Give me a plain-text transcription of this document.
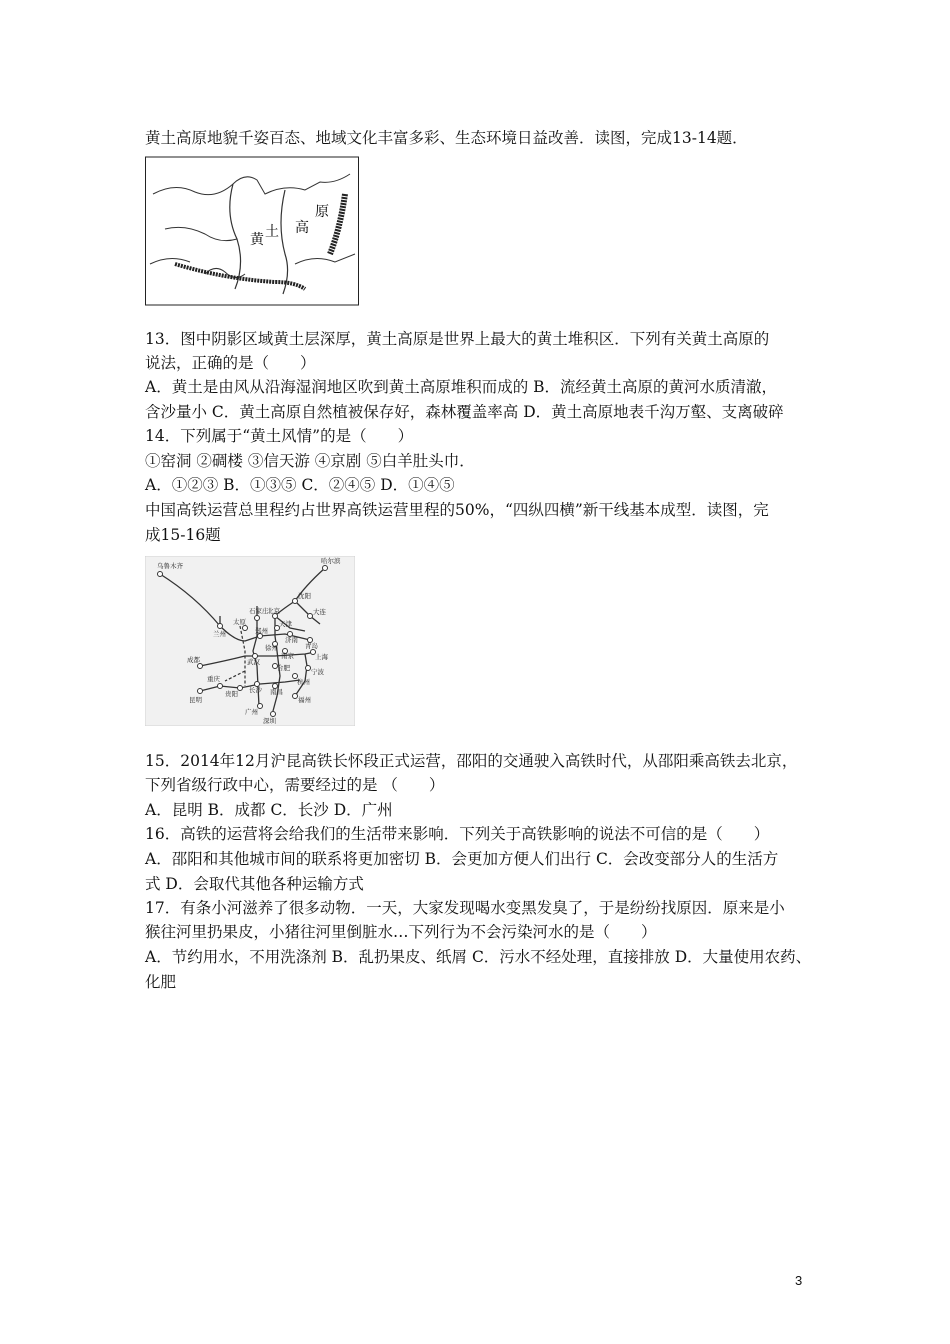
黄土高原地貌千姿百态、地域文化丰富多彩、生态环境日益改善．读图，完成13-14题．
黄 土 高
原
13．图中阴影区域黄土层深厚，黄土高原是世界上最大的黄土堆积区．下列有关黄土高原的
说法，正确的是（　　）
A．黄土是由风从沿海湿润地区吹到黄土高原堆积而成的 B．流经黄土高原的黄河水质清澈，
含沙量小 C．黄土高原自然植被保存好，森林覆盖率高 D．黄土高原地表千沟万壑、支离破碎
14．下列属于“黄土风情”的是（　　）
①窑洞 ②碉楼 ③信天游 ④京剧 ⑤白羊肚头巾．
A．①②③ B．①③⑤ C．②④⑤ D．①④⑤
中国高铁运营总里程约占世界高铁运营里程的50%，“四纵四横”新干线基本成型．读图，完
成15-16题
乌鲁木齐
哈尔滨
沈阳
北京	大连
石家庄
天津
太原
兰州	郑州
济南
青岛
徐州
南京
成都	武汉
上海
合肥	宁波
重庆
长沙
杭州
贵阳	南昌
昆明	福州
广州
深圳
15．2014年12月沪昆高铁长怀段正式运营，邵阳的交通驶入高铁时代，从邵阳乘高铁去北京，
下列省级行政中心，需要经过的是 （　　）
A．昆明 B．成都 C．长沙 D．广州
16．高铁的运营将会给我们的生活带来影响．下列关于高铁影响的说法不可信的是（　　）
A．邵阳和其他城市间的联系将更加密切 B．会更加方便人们出行 C．会改变部分人的生活方
式 D．会取代其他各种运输方式
17．有条小河滋养了很多动物．一天，大家发现喝水变黑发臭了，于是纷纷找原因．原来是小
猴往河里扔果皮，小猪往河里倒脏水…下列行为不会污染河水的是（　　）
A．节约用水，不用洗涤剂 B．乱扔果皮、纸屑 C．污水不经处理，直接排放 D．大量使用农药、
化肥
3
